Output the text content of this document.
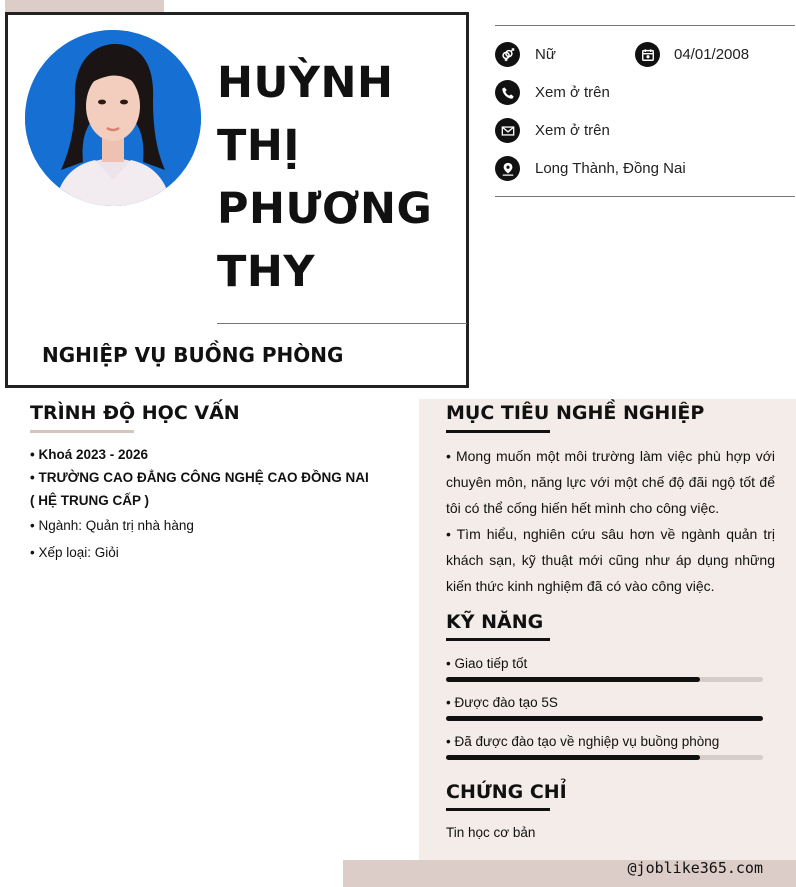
HUỲNH
THỊ
PHƯƠNG
THY
NGHIỆP VỤ BUỒNG PHÒNG
Nữ	04/01/2008
Xem ở trên
Xem ở trên
Long Thành, Đồng Nai
TRÌNH ĐỘ HỌC VẤN
• Khoá 2023 - 2026
• TRƯỜNG CAO ĐẲNG CÔNG NGHỆ CAO ĐỒNG NAI
( HỆ TRUNG CẤP )
• Ngành: Quản trị nhà hàng
• Xếp loại: Giỏi
MỤC TIÊU NGHỀ NGHIỆP
• Mong muốn một môi trường làm việc phù hợp với chuyên môn, năng lực với một chế độ đãi ngộ tốt để tôi có thể cống hiến hết mình cho công việc.
• Tìm hiểu, nghiên cứu sâu hơn về ngành quản trị khách sạn, kỹ thuật mới cũng như áp dụng những kiến thức kinh nghiệm đã có vào công việc.
KỸ NĂNG
• Giao tiếp tốt
• Được đào tạo 5S
• Đã được đào tạo về nghiệp vụ buồng phòng
CHỨNG CHỈ
Tin học cơ bản
@joblike365.com
